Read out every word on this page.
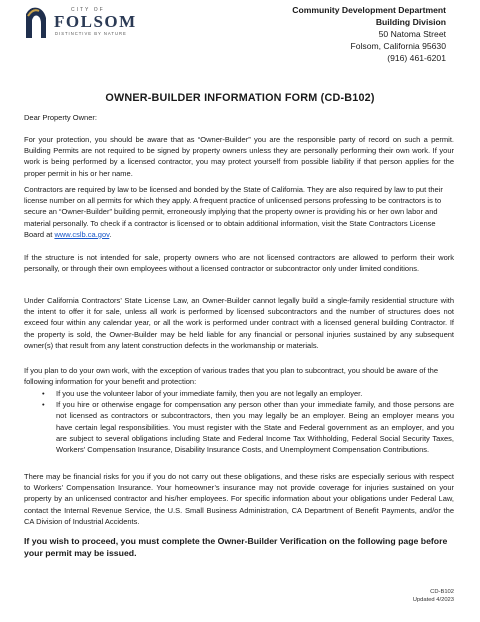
CITY OF
FOLSOM
DISTINCTIVE BY NATURE
Community Development Department
Building Division
50 Natoma Street
Folsom, California 95630
(916) 461-6201
OWNER-BUILDER INFORMATION FORM (CD-B102)

Dear Property Owner:

For your protection, you should be aware that as “Owner-Builder” you are the responsible party of record on such a permit. Building Permits are not required to be signed by property owners unless they are personally performing their own work. If your work is being performed by a licensed contractor, you may protect yourself from possible liability if that person applies for the proper permit in his or her name.

Contractors are required by law to be licensed and bonded by the State of California. They are also required by law to put their license number on all permits for which they apply. A frequent practice of unlicensed persons professing to be contractors is to secure an “Owner-Builder” building permit, erroneously implying that the property owner is providing his or her own labor and material personally. To check if a contractor is licensed or to obtain additional information, visit the State Contractors License Board at www.cslb.ca.gov.

If the structure is not intended for sale, property owners who are not licensed contractors are allowed to perform their work personally, or through their own employees without a licensed contractor or subcontractor only under limited conditions.

Under California Contractors’ State License Law, an Owner-Builder cannot legally build a single-family residential structure with the intent to offer it for sale, unless all work is performed by licensed subcontractors and the number of structures does not exceed four within any calendar year, or all the work is performed under contract with a licensed general building Contractor. If the property is sold, the Owner-Builder may be held liable for any financial or personal injuries sustained by any subsequent owner(s) that result from any latent construction defects in the workmanship or materials.

If you plan to do your own work, with the exception of various trades that you plan to subcontract, you should be aware of the following information for your benefit and protection:

• If you use the volunteer labor of your immediate family, then you are not legally an employer.
• If you hire or otherwise engage for compensation any person other than your immediate family, and those persons are not licensed as contractors or subcontractors, then you may legally be an employer. Being an employer means you have certain legal responsibilities. You must register with the State and Federal government as an employer, and you are subject to several obligations including State and Federal Income Tax Withholding, Federal Social Security Taxes, Workers’ Compensation Insurance, Disability Insurance Costs, and Unemployment Compensation Contributions.

There may be financial risks for you if you do not carry out these obligations, and these risks are especially serious with respect to Workers’ Compensation Insurance. Your homeowner’s insurance may not provide coverage for injuries sustained on your property by an unlicensed contractor and his/her employees. For specific information about your obligations under Federal Law, contact the Internal Revenue Service, the U.S. Small Business Administration, CA Department of Benefit Payments, and/or the CA Division of Industrial Accidents.

If you wish to proceed, you must complete the Owner-Builder Verification on the following page before your permit may be issued.

CD-B102
Updated 4/2023
